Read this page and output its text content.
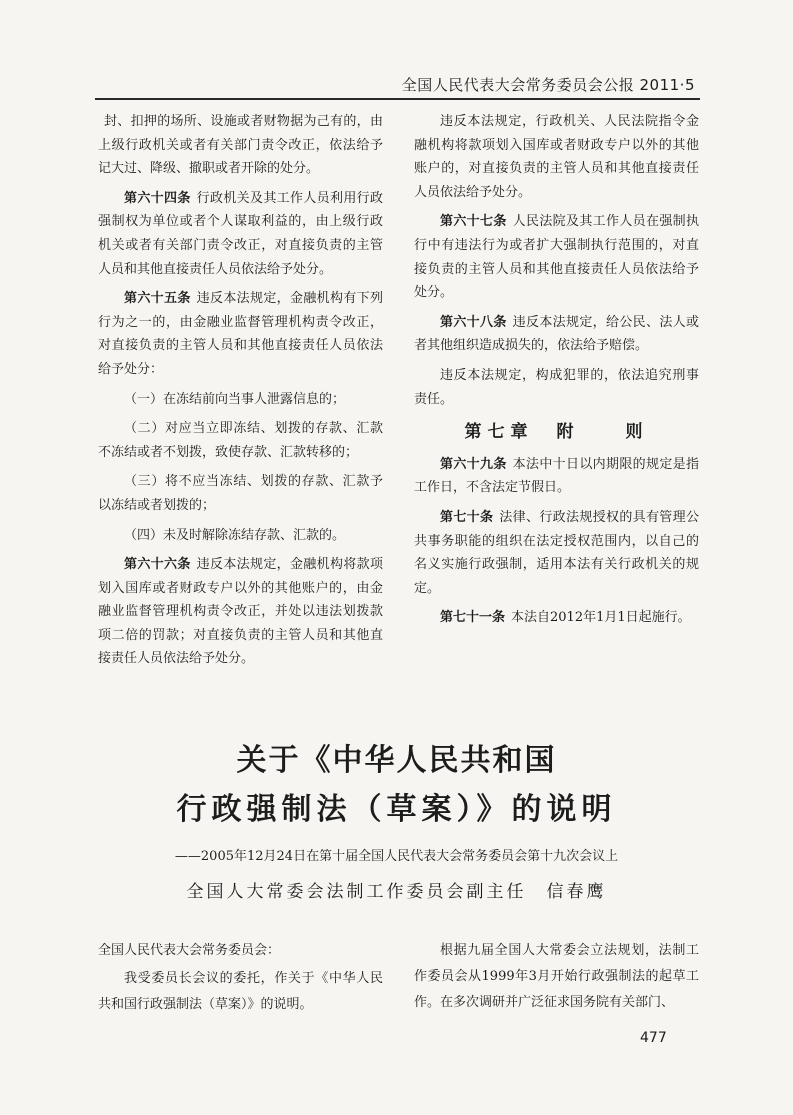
全国人民代表大会常务委员会公报 2011·5

封、扣押的场所、设施或者财物据为己有的，由上级行政机关或者有关部门责令改正，依法给予记大过、降级、撤职或者开除的处分。

第六十四条 行政机关及其工作人员利用行政强制权为单位或者个人谋取利益的，由上级行政机关或者有关部门责令改正，对直接负责的主管人员和其他直接责任人员依法给予处分。

第六十五条 违反本法规定，金融机构有下列行为之一的，由金融业监督管理机构责令改正，对直接负责的主管人员和其他直接责任人员依法给予处分：

（一）在冻结前向当事人泄露信息的；

（二）对应当立即冻结、划拨的存款、汇款不冻结或者不划拨，致使存款、汇款转移的；

（三）将不应当冻结、划拨的存款、汇款予以冻结或者划拨的；

（四）未及时解除冻结存款、汇款的。

第六十六条 违反本法规定，金融机构将款项划入国库或者财政专户以外的其他账户的，由金融业监督管理机构责令改正，并处以违法划拨款项二倍的罚款；对直接负责的主管人员和其他直接责任人员依法给予处分。

违反本法规定，行政机关、人民法院指令金融机构将款项划入国库或者财政专户以外的其他账户的，对直接负责的主管人员和其他直接责任人员依法给予处分。

第六十七条 人民法院及其工作人员在强制执行中有违法行为或者扩大强制执行范围的，对直接负责的主管人员和其他直接责任人员依法给予处分。

第六十八条 违反本法规定，给公民、法人或者其他组织造成损失的，依法给予赔偿。

违反本法规定，构成犯罪的，依法追究刑事责任。

第七章　附　　则

第六十九条 本法中十日以内期限的规定是指工作日，不含法定节假日。

第七十条 法律、行政法规授权的具有管理公共事务职能的组织在法定授权范围内，以自己的名义实施行政强制，适用本法有关行政机关的规定。

第七十一条 本法自2012年1月1日起施行。

关于《中华人民共和国
行政强制法（草案）》的说明
——2005年12月24日在第十届全国人民代表大会常务委员会第十九次会议上
全国人大常委会法制工作委员会副主任　信春鹰

全国人民代表大会常务委员会：

我受委员长会议的委托，作关于《中华人民共和国行政强制法（草案）》的说明。

根据九届全国人大常委会立法规划，法制工作委员会从1999年3月开始行政强制法的起草工作。在多次调研并广泛征求国务院有关部门、

477
